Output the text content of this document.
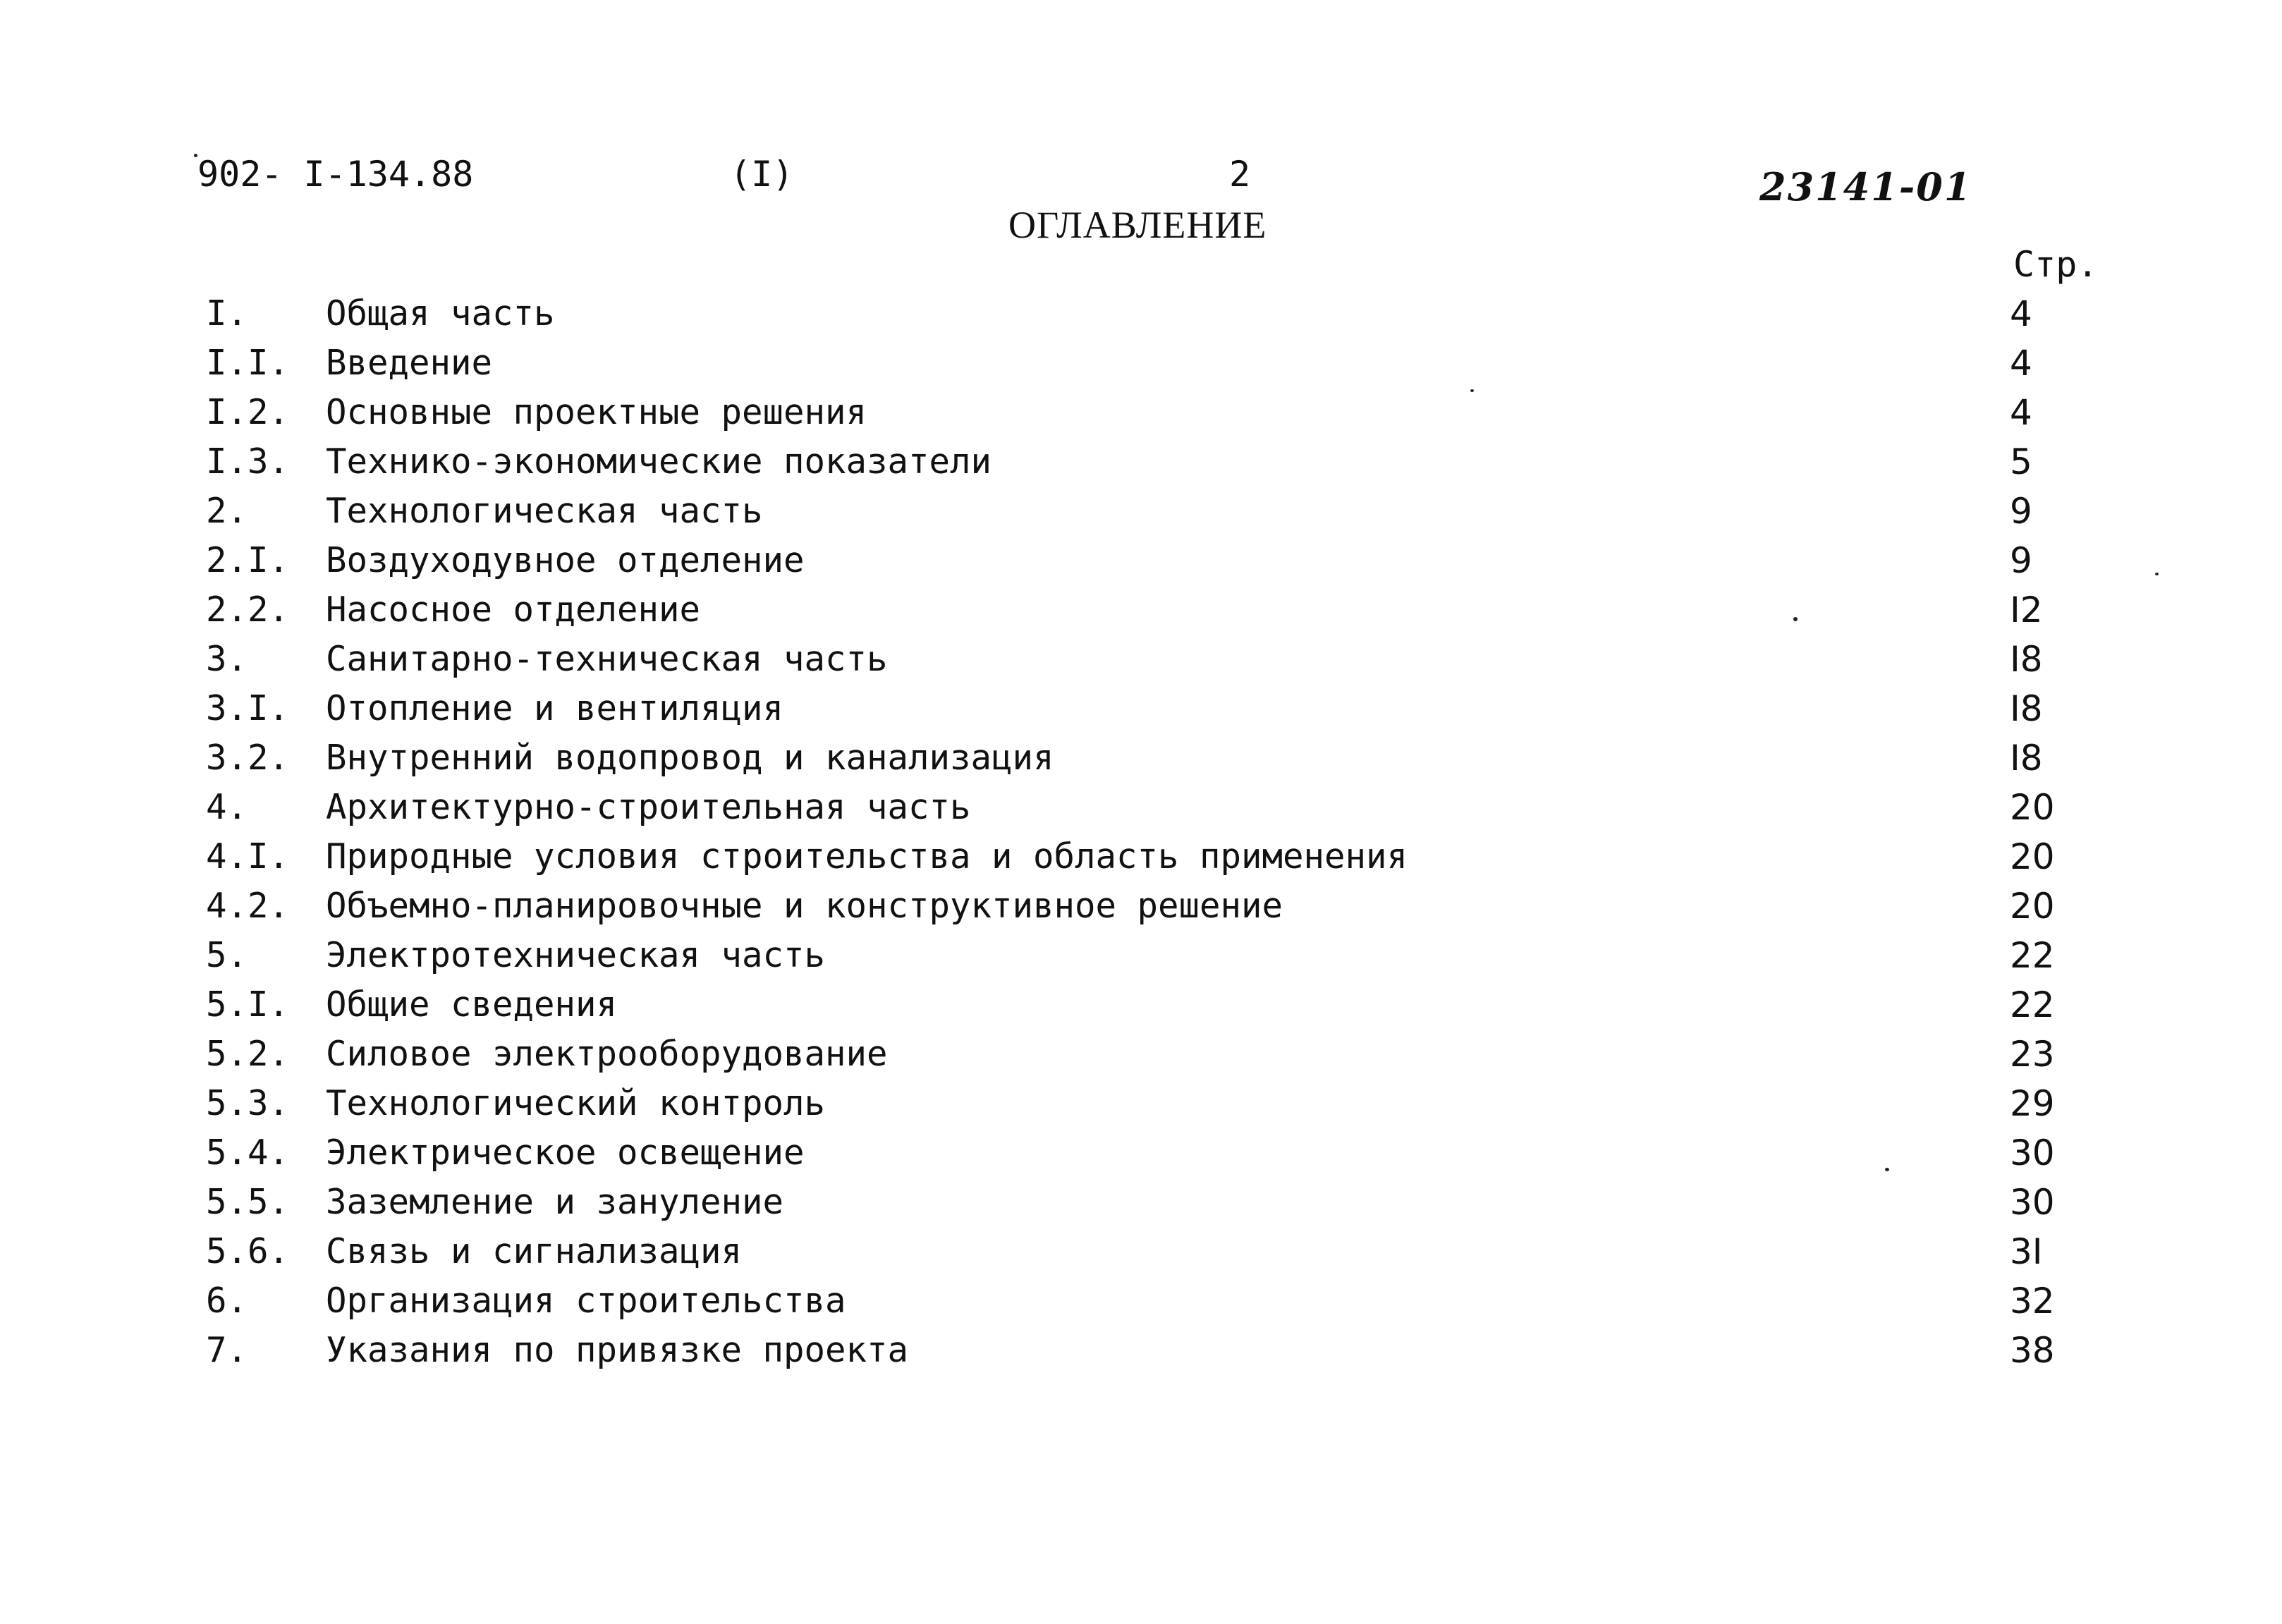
902- I-134.88	(I)	2	23141-01
ОГЛАВЛЕНИЕ
Стр.
I. Общая часть	4
I.I. Введение	4
I.2. Основные проектные решения	4
I.3. Технико-экономические показатели	5
2. Технологическая часть	9
2.I. Воздуходувное отделение	9
2.2. Насосное отделение	I2
3. Санитарно-техническая часть	I8
3.I. Отопление и вентиляция	I8
3.2. Внутренний водопровод и канализация	I8
4. Архитектурно-строительная часть	20
4.I. Природные условия строительства и область применения	20
4.2. Объемно-планировочные и конструктивное решение	20
5. Электротехническая часть	22
5.I. Общие сведения	22
5.2. Силовое электрооборудование	23
5.3. Технологический контроль	29
5.4. Электрическое освещение	30
5.5. Заземление и зануление	30
5.6. Связь и сигнализация	3I
6. Организация строительства	32
7. Указания по привязке проекта	38
